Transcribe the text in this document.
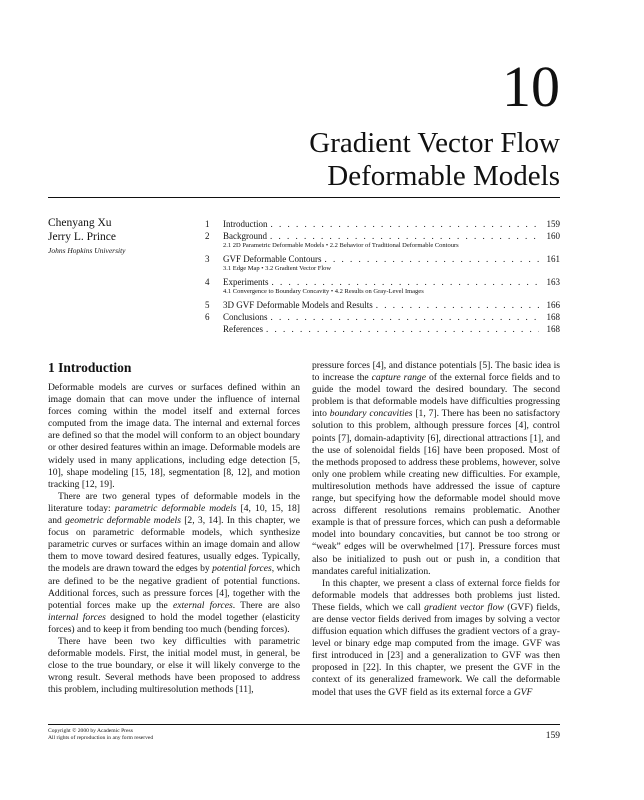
10
Gradient Vector Flow
Deformable Models
Chenyang Xu
Jerry L. Prince
Johns Hopkins University
1	Introduction . . .	159
2	Background . . .	160
2.1 2D Parametric Deformable Models • 2.2 Behavior of Traditional Deformable Contours
3	GVF Deformable Contours . . .	161
3.1 Edge Map • 3.2 Gradient Vector Flow
4	Experiments . . .	163
4.1 Convergence to Boundary Concavity • 4.2 Results on Gray-Level Images
5	3D GVF Deformable Models and Results . . .	166
6	Conclusions . . .	168
References . . .	168
1 Introduction

Deformable models are curves or surfaces defined within an image domain that can move under the influence of internal forces coming within the model itself and external forces computed from the image data. The internal and external forces are defined so that the model will conform to an object boundary or other desired features within an image. Deformable models are widely used in many applications, including edge detection [5, 10], shape modeling [15, 18], segmentation [8, 12], and motion tracking [12, 19].

There are two general types of deformable models in the literature today: parametric deformable models [4, 10, 15, 18] and geometric deformable models [2, 3, 14]. In this chapter, we focus on parametric deformable models, which synthesize parametric curves or surfaces within an image domain and allow them to move toward desired features, usually edges. Typically, the models are drawn toward the edges by potential forces, which are defined to be the negative gradient of potential functions. Additional forces, such as pressure forces [4], together with the potential forces make up the external forces. There are also internal forces designed to hold the model together (elasticity forces) and to keep it from bending too much (bending forces).

There have been two key difficulties with parametric deformable models. First, the initial model must, in general, be close to the true boundary, or else it will likely converge to the wrong result. Several methods have been proposed to address this problem, including multiresolution methods [11],

pressure forces [4], and distance potentials [5]. The basic idea is to increase the capture range of the external force fields and to guide the model toward the desired boundary. The second problem is that deformable models have difficulties progressing into boundary concavities [1, 7]. There has been no satisfactory solution to this problem, although pressure forces [4], control points [7], domain-adaptivity [6], directional attractions [1], and the use of solenoidal fields [16] have been proposed. Most of the methods proposed to address these problems, however, solve only one problem while creating new difficulties. For example, multiresolution methods have addressed the issue of capture range, but specifying how the deformable model should move across different resolutions remains problematic. Another example is that of pressure forces, which can push a deformable model into boundary concavities, but cannot be too strong or “weak” edges will be overwhelmed [17]. Pressure forces must also be initialized to push out or push in, a condition that mandates careful initialization.

In this chapter, we present a class of external force fields for deformable models that addresses both problems just listed. These fields, which we call gradient vector flow (GVF) fields, are dense vector fields derived from images by solving a vector diffusion equation which diffuses the gradient vectors of a gray-level or binary edge map computed from the image. GVF was first introduced in [23] and a generalization to GVF was then proposed in [22]. In this chapter, we present the GVF in the context of its generalized framework. We call the deformable model that uses the GVF field as its external force a GVF

Copyright © 2000 by Academic Press
All rights of reproduction in any form reserved	159
